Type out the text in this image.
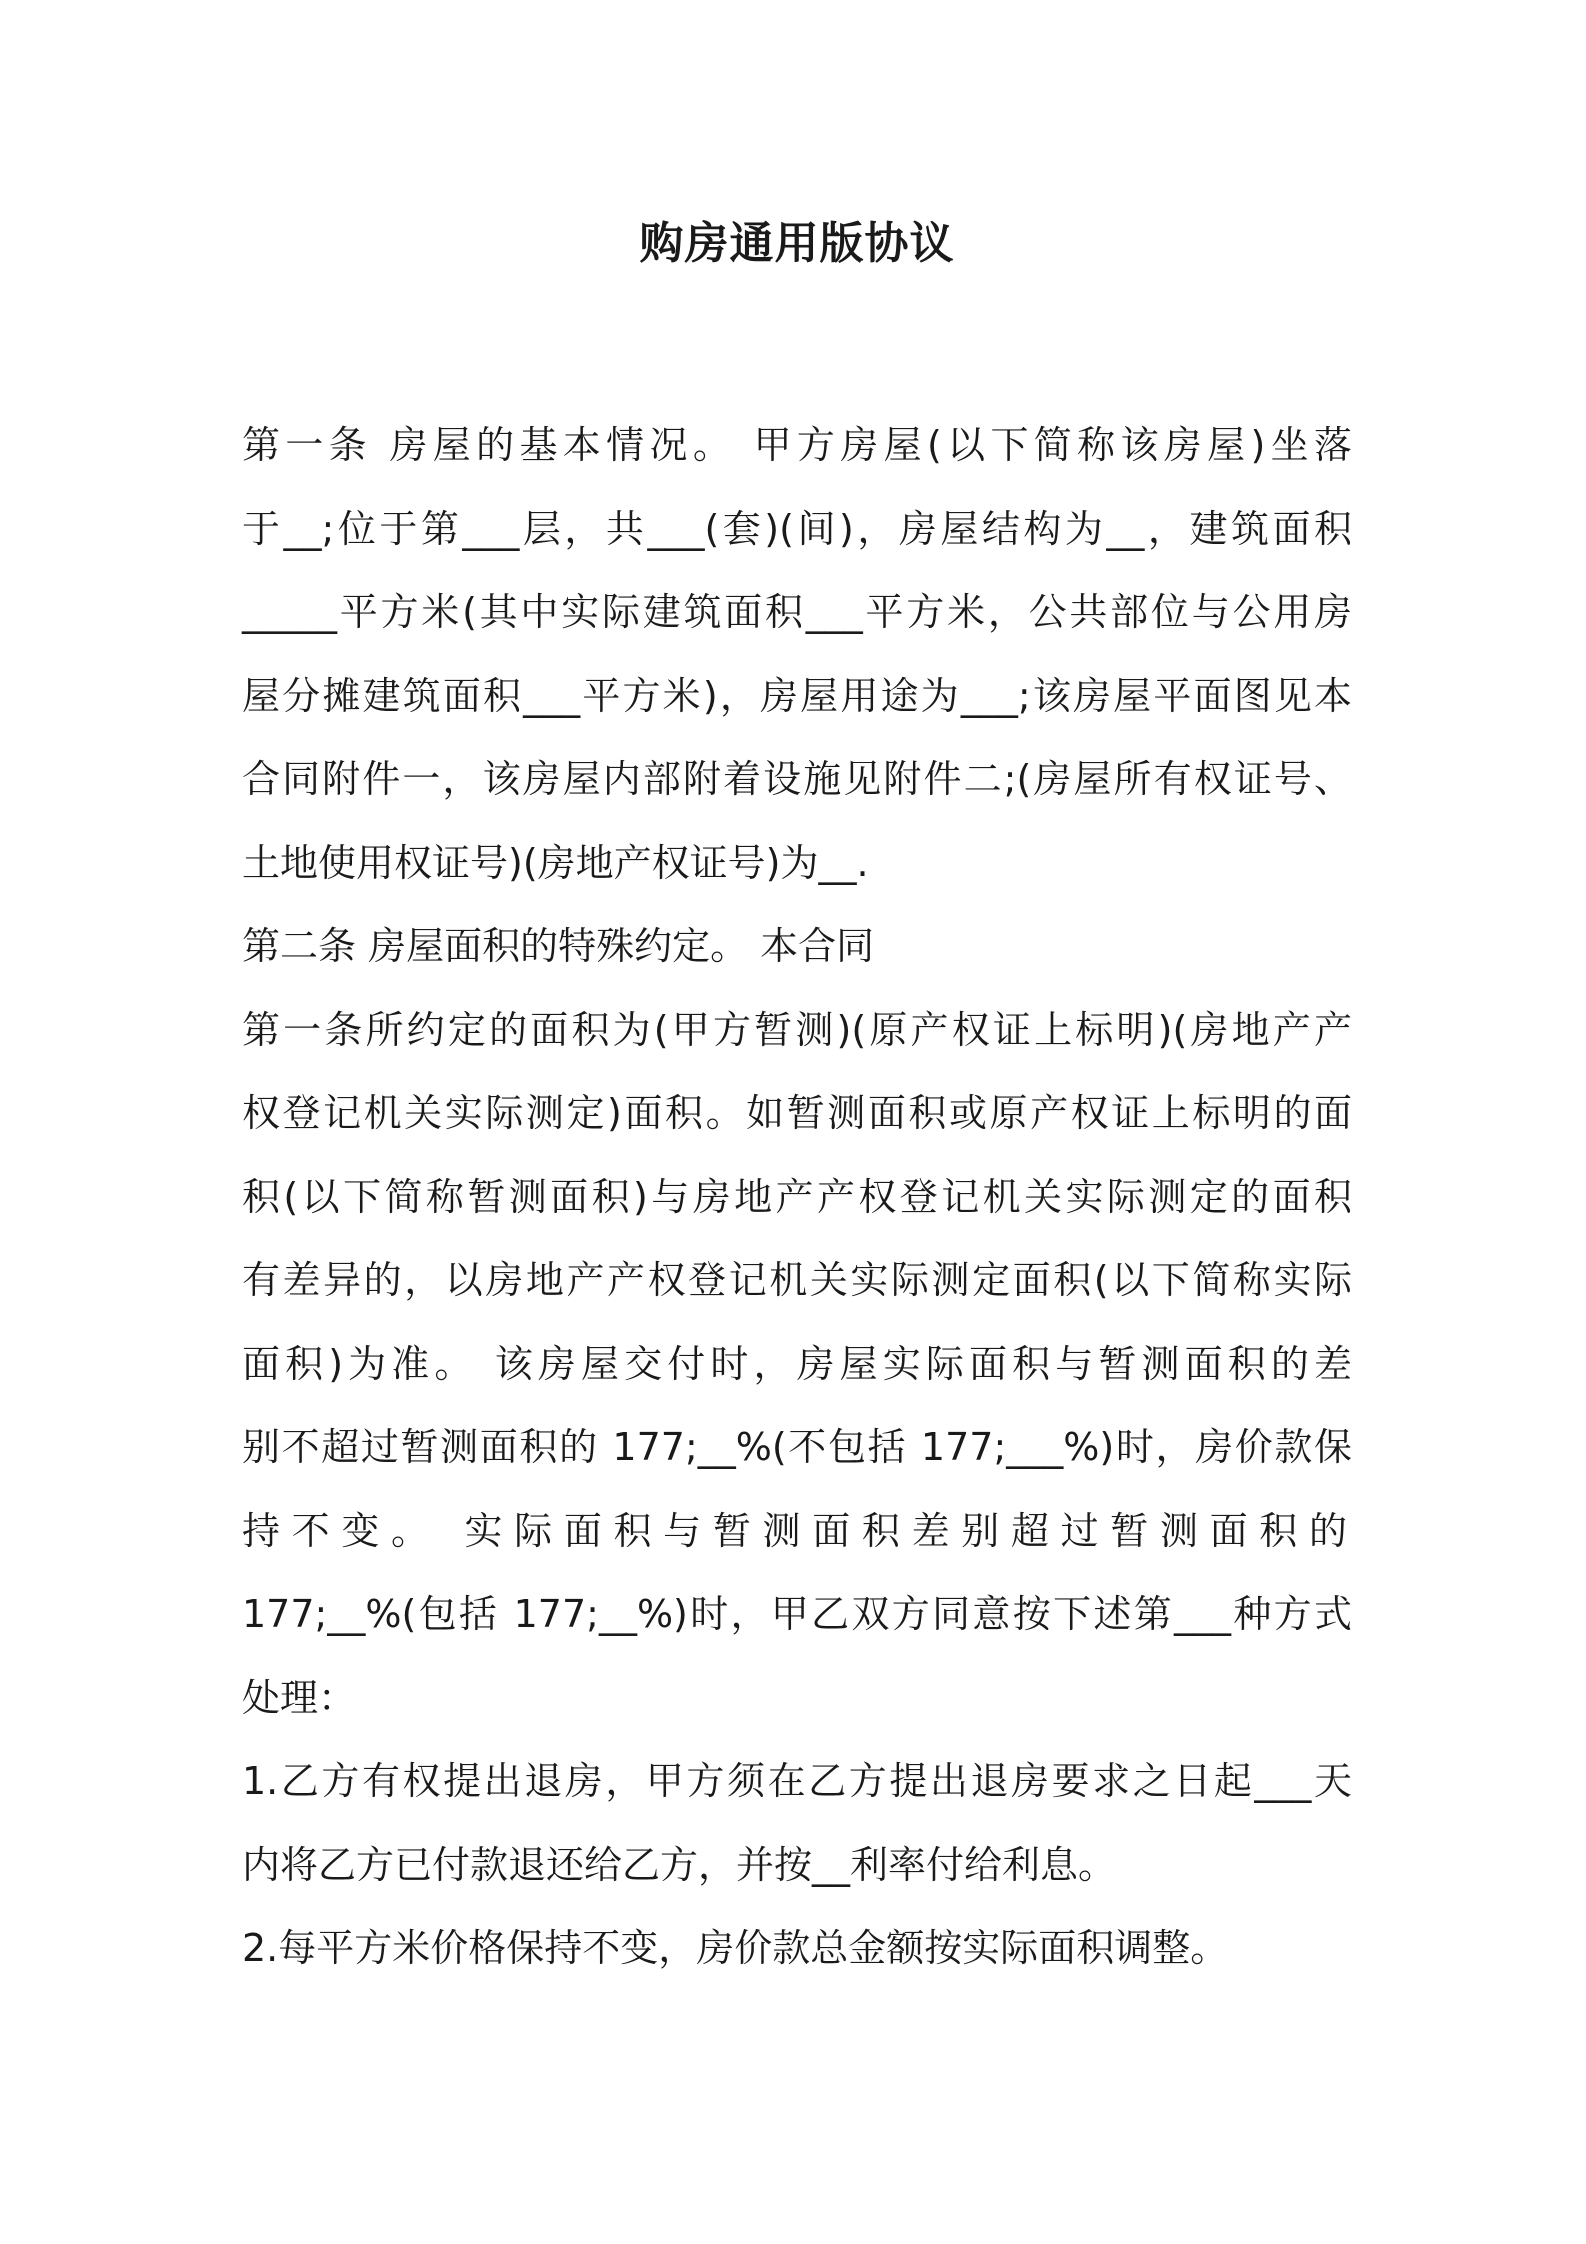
购房通用版协议
第一条 房屋的基本情况。 甲方房屋(以下简称该房屋)坐落
于__;位于第___层，共___(套)(间)，房屋结构为__，建筑面积
_____平方米(其中实际建筑面积___平方米，公共部位与公用房
屋分摊建筑面积___平方米)，房屋用途为___;该房屋平面图见本
合同附件一，该房屋内部附着设施见附件二;(房屋所有权证号、
土地使用权证号)(房地产权证号)为__.
第二条 房屋面积的特殊约定。 本合同
第一条所约定的面积为(甲方暂测)(原产权证上标明)(房地产产
权登记机关实际测定)面积。如暂测面积或原产权证上标明的面
积(以下简称暂测面积)与房地产产权登记机关实际测定的面积
有差异的，以房地产产权登记机关实际测定面积(以下简称实际
面积)为准。 该房屋交付时，房屋实际面积与暂测面积的差
别不超过暂测面积的 177;__%(不包括 177;___%)时，房价款保
持不变。 实际面积与暂测面积差别超过暂测面积的
177;__%(包括 177;__%)时，甲乙双方同意按下述第___种方式
处理：
1.乙方有权提出退房，甲方须在乙方提出退房要求之日起___天
内将乙方已付款退还给乙方，并按__利率付给利息。
2.每平方米价格保持不变，房价款总金额按实际面积调整。
